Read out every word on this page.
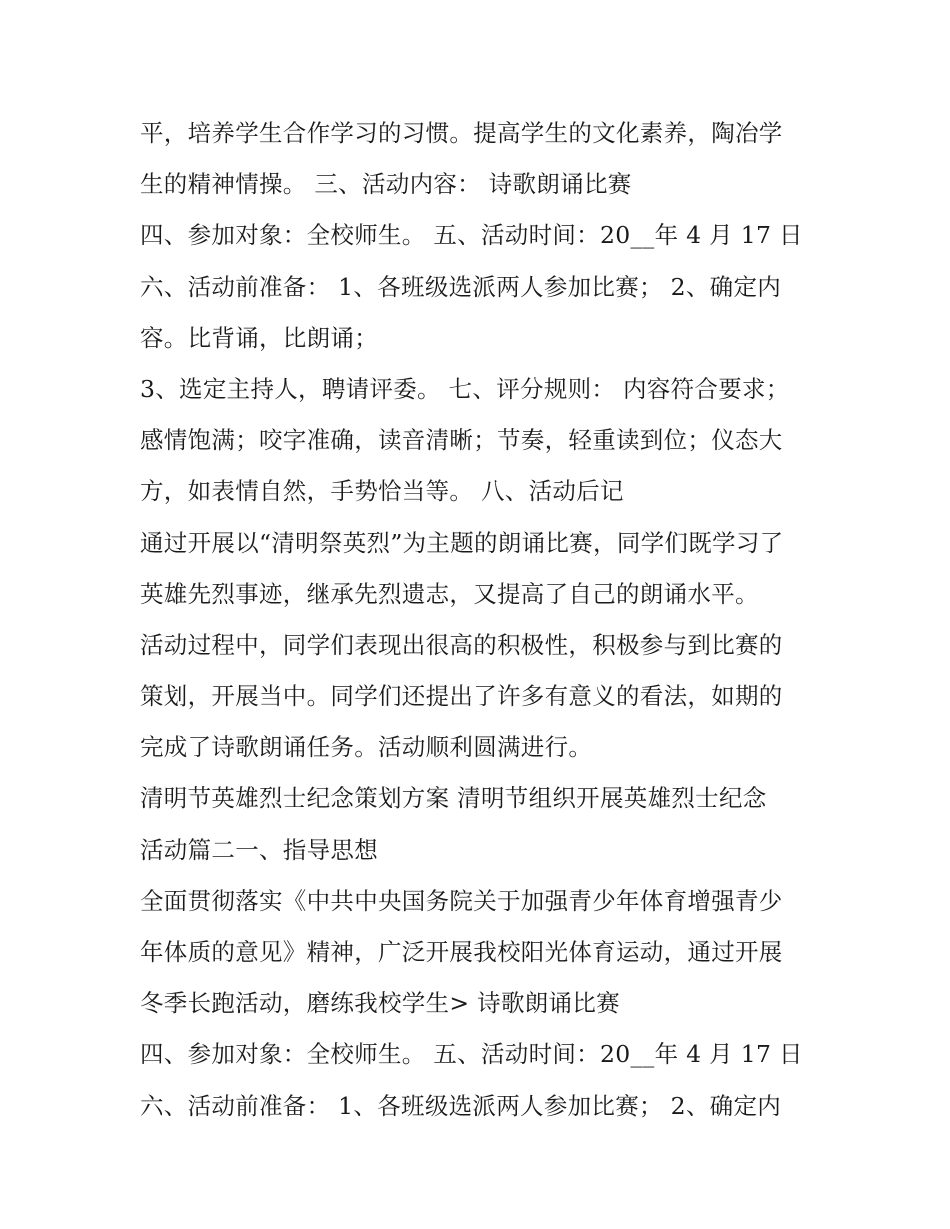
平，培养学生合作学习的习惯。提高学生的文化素养，陶冶学
生的精神情操。 三、活动内容： 诗歌朗诵比赛
四、参加对象：全校师生。 五、活动时间：20__年 4 月 17 日
六、活动前准备： 1、各班级选派两人参加比赛； 2、确定内
容。比背诵，比朗诵；
3、选定主持人，聘请评委。 七、评分规则： 内容符合要求；
感情饱满；咬字准确，读音清晰；节奏，轻重读到位；仪态大
方，如表情自然，手势恰当等。 八、活动后记
通过开展以“清明祭英烈”为主题的朗诵比赛，同学们既学习了
英雄先烈事迹，继承先烈遗志，又提高了自己的朗诵水平。
活动过程中，同学们表现出很高的积极性，积极参与到比赛的
策划，开展当中。同学们还提出了许多有意义的看法，如期的
完成了诗歌朗诵任务。活动顺利圆满进行。
清明节英雄烈士纪念策划方案 清明节组织开展英雄烈士纪念
活动篇二一、指导思想
全面贯彻落实《中共中央国务院关于加强青少年体育增强青少
年体质的意见》精神，广泛开展我校阳光体育运动，通过开展
冬季长跑活动，磨练我校学生> 诗歌朗诵比赛
四、参加对象：全校师生。 五、活动时间：20__年 4 月 17 日
六、活动前准备： 1、各班级选派两人参加比赛； 2、确定内
